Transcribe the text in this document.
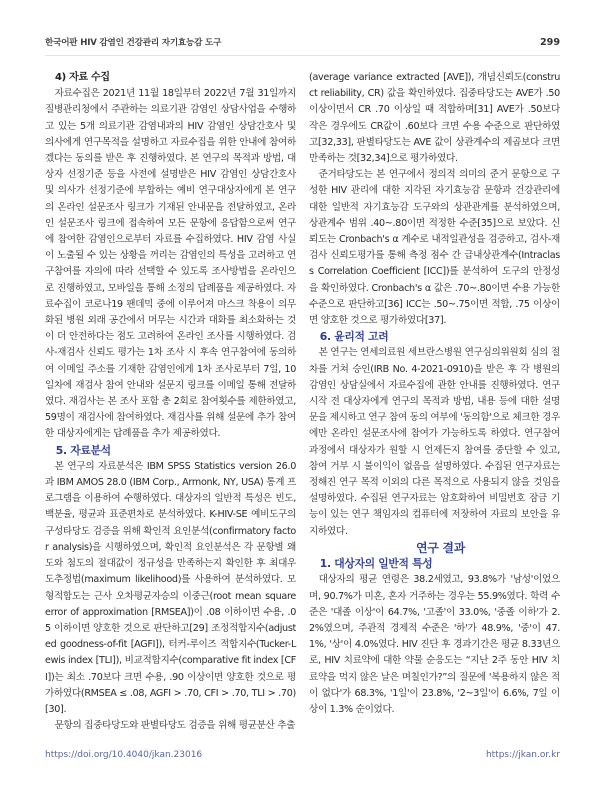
한국어판 HIV 감염인 건강관리 자기효능감 도구	299

4) 자료 수집

자료수집은 2021년 11월 18일부터 2022년 7월 31일까지 질병관리청에서 주관하는 의료기관 감염인 상담사업을 수행하고 있는 5개 의료기관 감염내과의 HIV 감염인 상담간호사 및 의사에게 연구목적을 설명하고 자료수집을 위한 안내에 참여하겠다는 동의를 받은 후 진행하였다. 본 연구의 목적과 방법, 대상자 선정기준 등을 사전에 설명받은 HIV 감염인 상담간호사 및 의사가 선정기준에 부합하는 예비 연구대상자에게 본 연구의 온라인 설문조사 링크가 기재된 안내문을 전달하였고, 온라인 설문조사 링크에 접속하여 모든 문항에 응답함으로써 연구에 참여한 감염인으로부터 자료를 수집하였다. HIV 감염 사실이 노출될 수 있는 상황을 꺼리는 감염인의 특성을 고려하고 연구참여를 자의에 따라 선택할 수 있도록 조사방법을 온라인으로 진행하였고, 모바일을 통해 소정의 답례품을 제공하였다. 자료수집이 코로나19 팬데믹 중에 이루어져 마스크 착용이 의무화된 병원 외래 공간에서 머무는 시간과 대화를 최소화하는 것이 더 안전하다는 점도 고려하여 온라인 조사를 시행하였다. 검사-재검사 신뢰도 평가는 1차 조사 시 후속 연구참여에 동의하여 이메일 주소를 기재한 감염인에게 1차 조사로부터 7일, 10일차에 재검사 참여 안내와 설문지 링크를 이메일 통해 전달하였다. 재검사는 본 조사 포함 총 2회로 참여횟수를 제한하였고, 59명이 재검사에 참여하였다. 재검사를 위해 설문에 추가 참여한 대상자에게는 답례품을 추가 제공하였다.

5. 자료분석

본 연구의 자료분석은 IBM SPSS Statistics version 26.0과 IBM AMOS 28.0 (IBM Corp., Armonk, NY, USA) 통계 프로그램을 이용하여 수행하였다. 대상자의 일반적 특성은 빈도, 백분율, 평균과 표준편차로 분석하였다. K-HIV-SE 예비도구의 구성타당도 검증을 위해 확인적 요인분석(confirmatory factor analysis)을 시행하였으며, 확인적 요인분석은 각 문항별 왜도와 첨도의 절대값이 정규성을 만족하는지 확인한 후 최대우도추정법(maximum likelihood)를 사용하여 분석하였다. 모형적합도는 근사 오차평균자승의 이중근(root mean square error of approximation [RMSEA])이 .08 이하이면 수용, .05 이하이면 양호한 것으로 판단하고[29] 조정적합지수(adjusted goodness-of-fit [AGFI]), 터커-루이즈 적합지수(Tucker-Lewis index [TLI]), 비교적합지수(comparative fit index [CFI])는 최소 .70보다 크면 수용, .90 이상이면 양호한 것으로 평가하였다(RMSEA ≤ .08, AGFI > .70, CFI > .70, TLI > .70) [30].

문항의 집중타당도와 판별타당도 검증을 위해 평균분산 추출

(average variance extracted [AVE]), 개념신뢰도(construct reliability, CR) 값을 확인하였다. 집중타당도는 AVE가 .50 이상이면서 CR .70 이상일 때 적합하며[31] AVE가 .50보다 작은 경우에도 CR값이 .60보다 크면 수용 수준으로 판단하였고[32,33], 판별타당도는 AVE 값이 상관계수의 제곱보다 크면 만족하는 것[32,34]으로 평가하였다.

준거타당도는 본 연구에서 정의적 의미의 준거 문항으로 구성한 HIV 관리에 대한 지각된 자기효능감 문항과 건강관리에 대한 일반적 자기효능감 도구와의 상관관계를 분석하였으며, 상관계수 범위 .40~.80이면 적정한 수준[35]으로 보았다. 신뢰도는 Cronbach's α 계수로 내적일관성을 검증하고, 검사-재검사 신뢰도평가를 통해 측정 점수 간 급내상관계수(Intraclass Correlation Coefficient [ICC])를 분석하여 도구의 안정성을 확인하였다. Cronbach's α 값은 .70~.80이면 수용 가능한 수준으로 판단하고[36] ICC는 .50~.75이면 적합, .75 이상이면 양호한 것으로 평가하였다[37].

6. 윤리적 고려

본 연구는 연세의료원 세브란스병원 연구심의위원회 심의 절차를 거쳐 승인(IRB No. 4-2021-0910)을 받은 후 각 병원의 감염인 상담실에서 자료수집에 관한 안내를 진행하였다. 연구시작 전 대상자에게 연구의 목적과 방법, 내용 등에 대한 설명문을 제시하고 연구 참여 동의 여부에 '동의함'으로 체크한 경우에만 온라인 설문조사에 참여가 가능하도록 하였다. 연구참여 과정에서 대상자가 원할 시 언제든지 참여를 중단할 수 있고, 참여 거부 시 불이익이 없음을 설명하였다. 수집된 연구자료는 정해진 연구 목적 이외의 다른 목적으로 사용되지 않을 것임을 설명하였다. 수집된 연구자료는 암호화하여 비밀번호 잠금 기능이 있는 연구 책임자의 컴퓨터에 저장하여 자료의 보안을 유지하였다.

연구 결과

1. 대상자의 일반적 특성

대상자의 평균 연령은 38.2세였고, 93.8%가 '남성'이었으며, 90.7%가 미혼, 혼자 거주하는 경우는 55.9%였다. 학력 수준은 '대졸 이상'이 64.7%, '고졸'이 33.0%, '중졸 이하'가 2.2%였으며, 주관적 경제적 수준은 '하'가 48.9%, '중'이 47.1%, '상'이 4.0%였다. HIV 진단 후 경과기간은 평균 8.33년으로, HIV 치료약에 대한 약물 순응도는 “지난 2주 동안 HIV 치료약을 먹지 않은 날은 며칠인가?”의 질문에 '복용하지 않은 적이 없다'가 68.3%, '1일'이 23.8%, '2~3일'이 6.6%, 7일 이상이 1.3% 순이었다.

https://doi.org/10.4040/jkan.23016	https://jkan.or.kr
